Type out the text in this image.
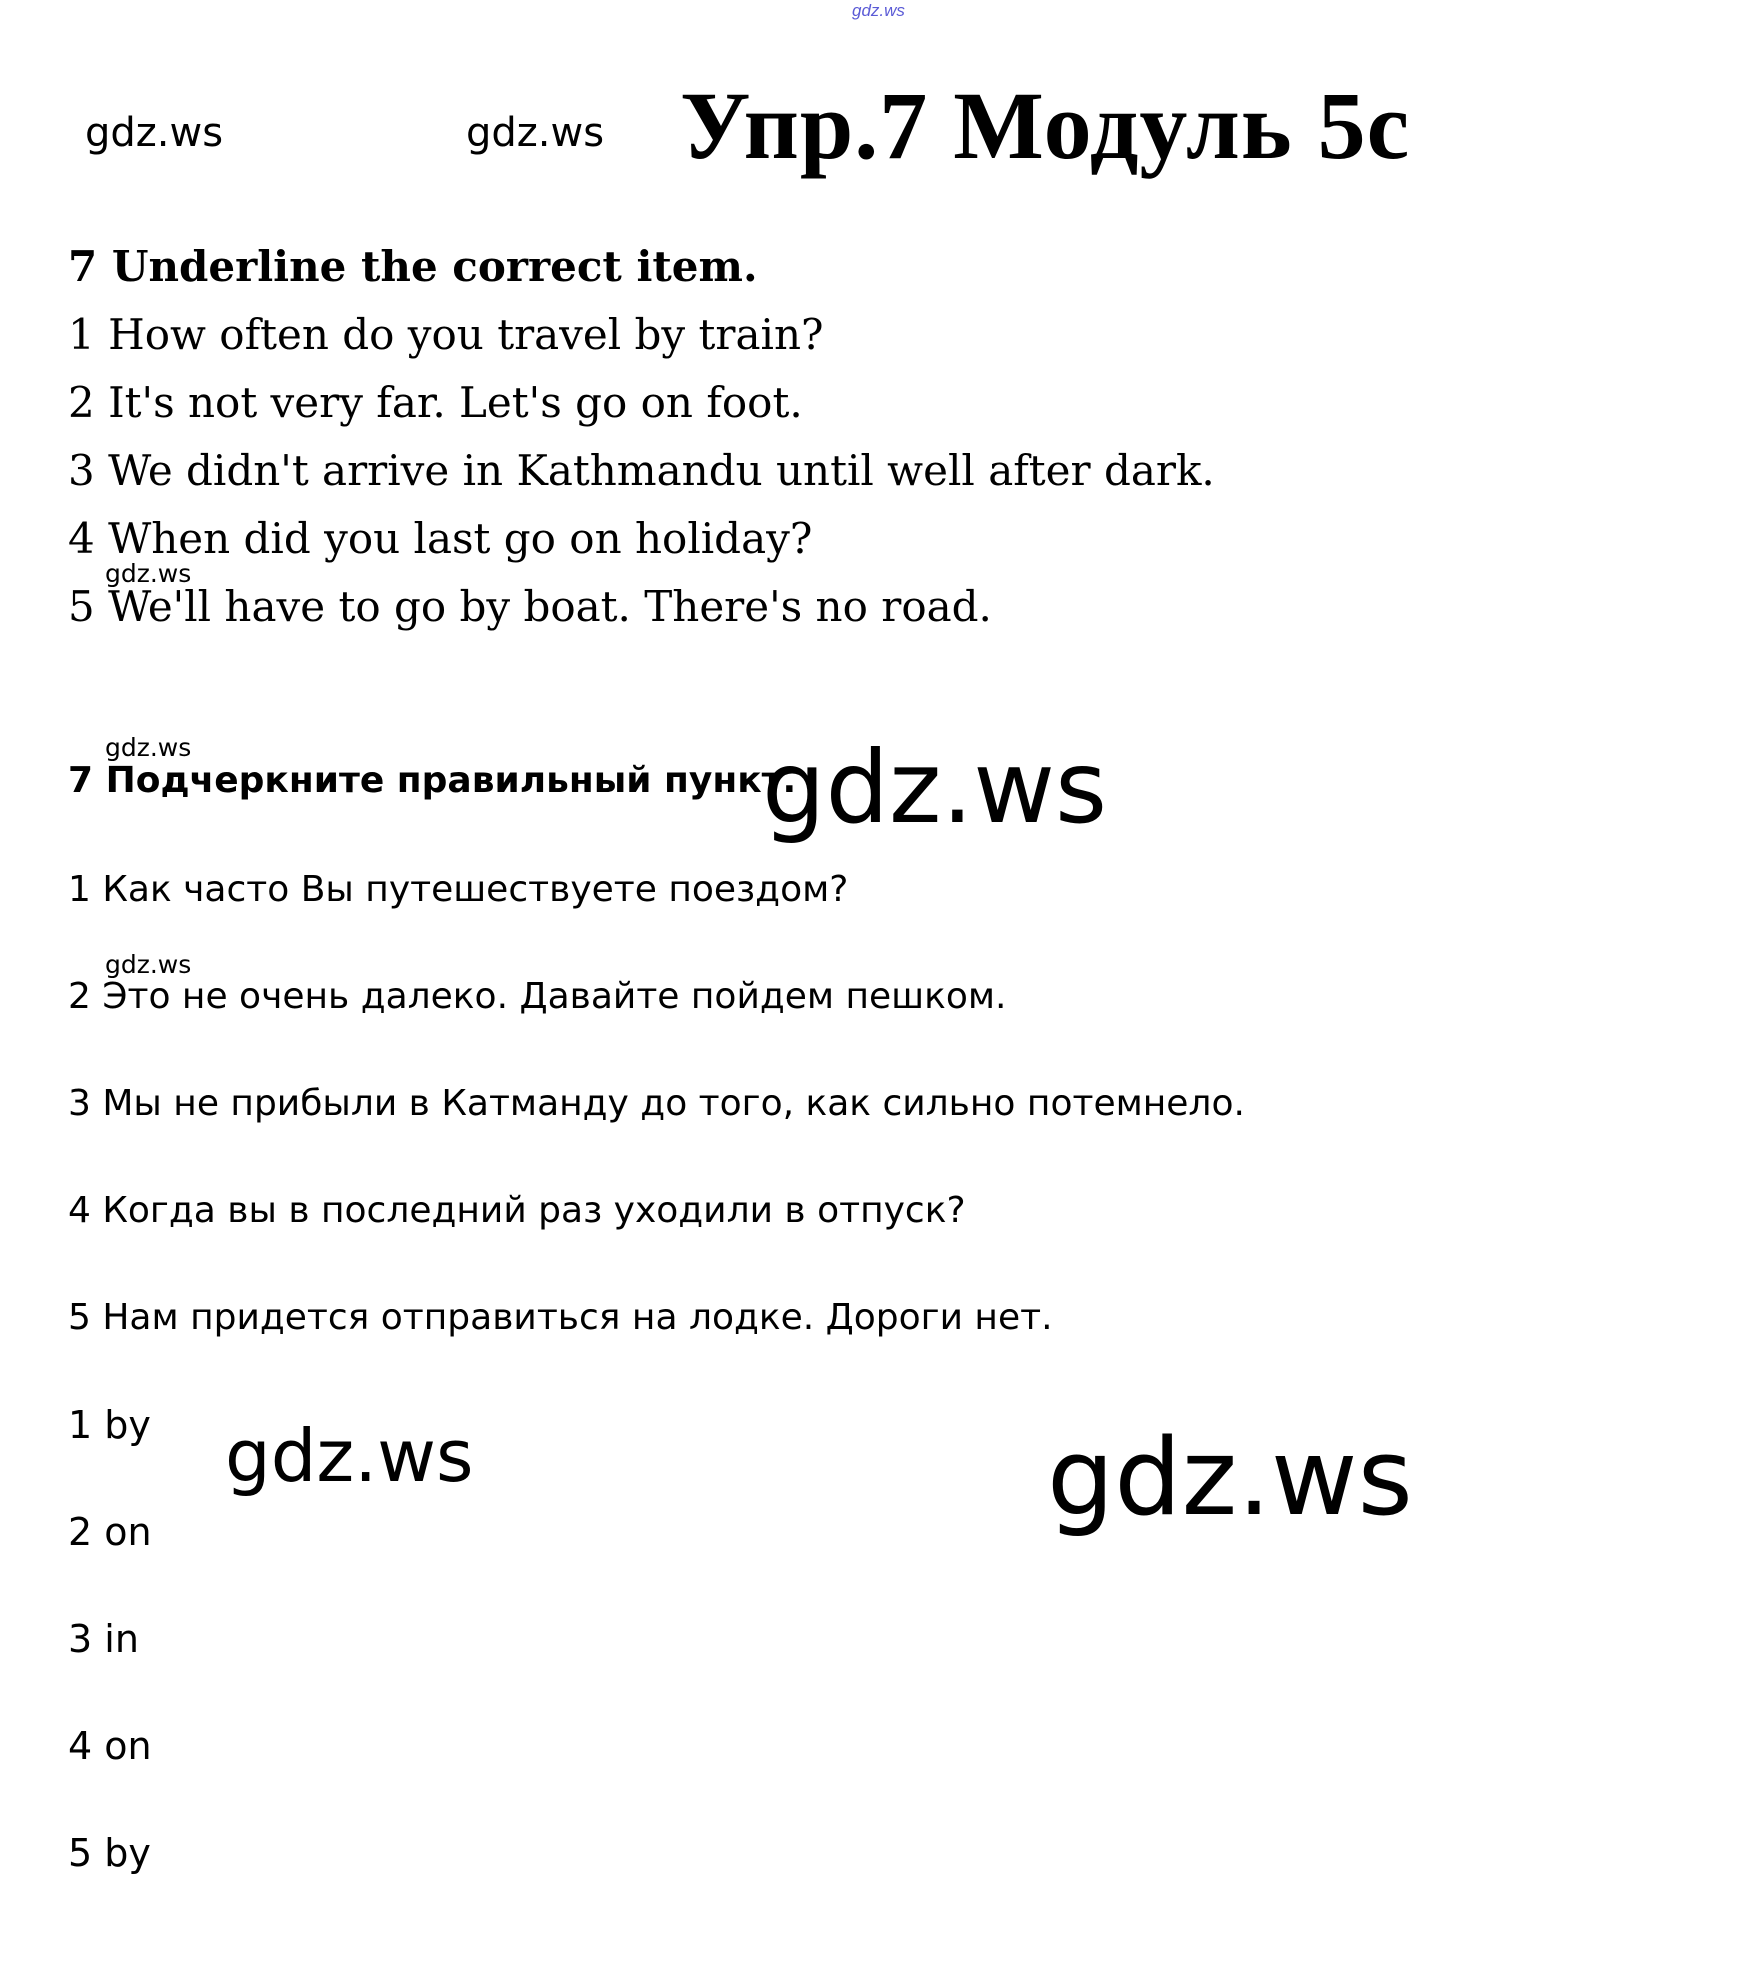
gdz.ws
gdz.ws	gdz.ws Упр.7 Модуль 5c
7 Underline the correct item.
1 How often do you travel by train?
2 It's not very far. Let's go on foot.
3 We didn't arrive in Kathmandu until well after dark.
4 When did you last go on holiday?
gdz.ws
5 We'll have to go by boat. There's no road.
gdz.ws
7 Подчеркните правильный пункт.
gdz.ws
1 Как часто Вы путешествуете поездом?
gdz.ws
2 Это не очень далеко. Давайте пойдем пешком.
3 Мы не прибыли в Катманду до того, как сильно потемнело.
4 Когда вы в последний раз уходили в отпуск?
5 Нам придется отправиться на лодке. Дороги нет.
1 by gdz.ws	gdz.ws
2 on
3 in
4 on
5 by
